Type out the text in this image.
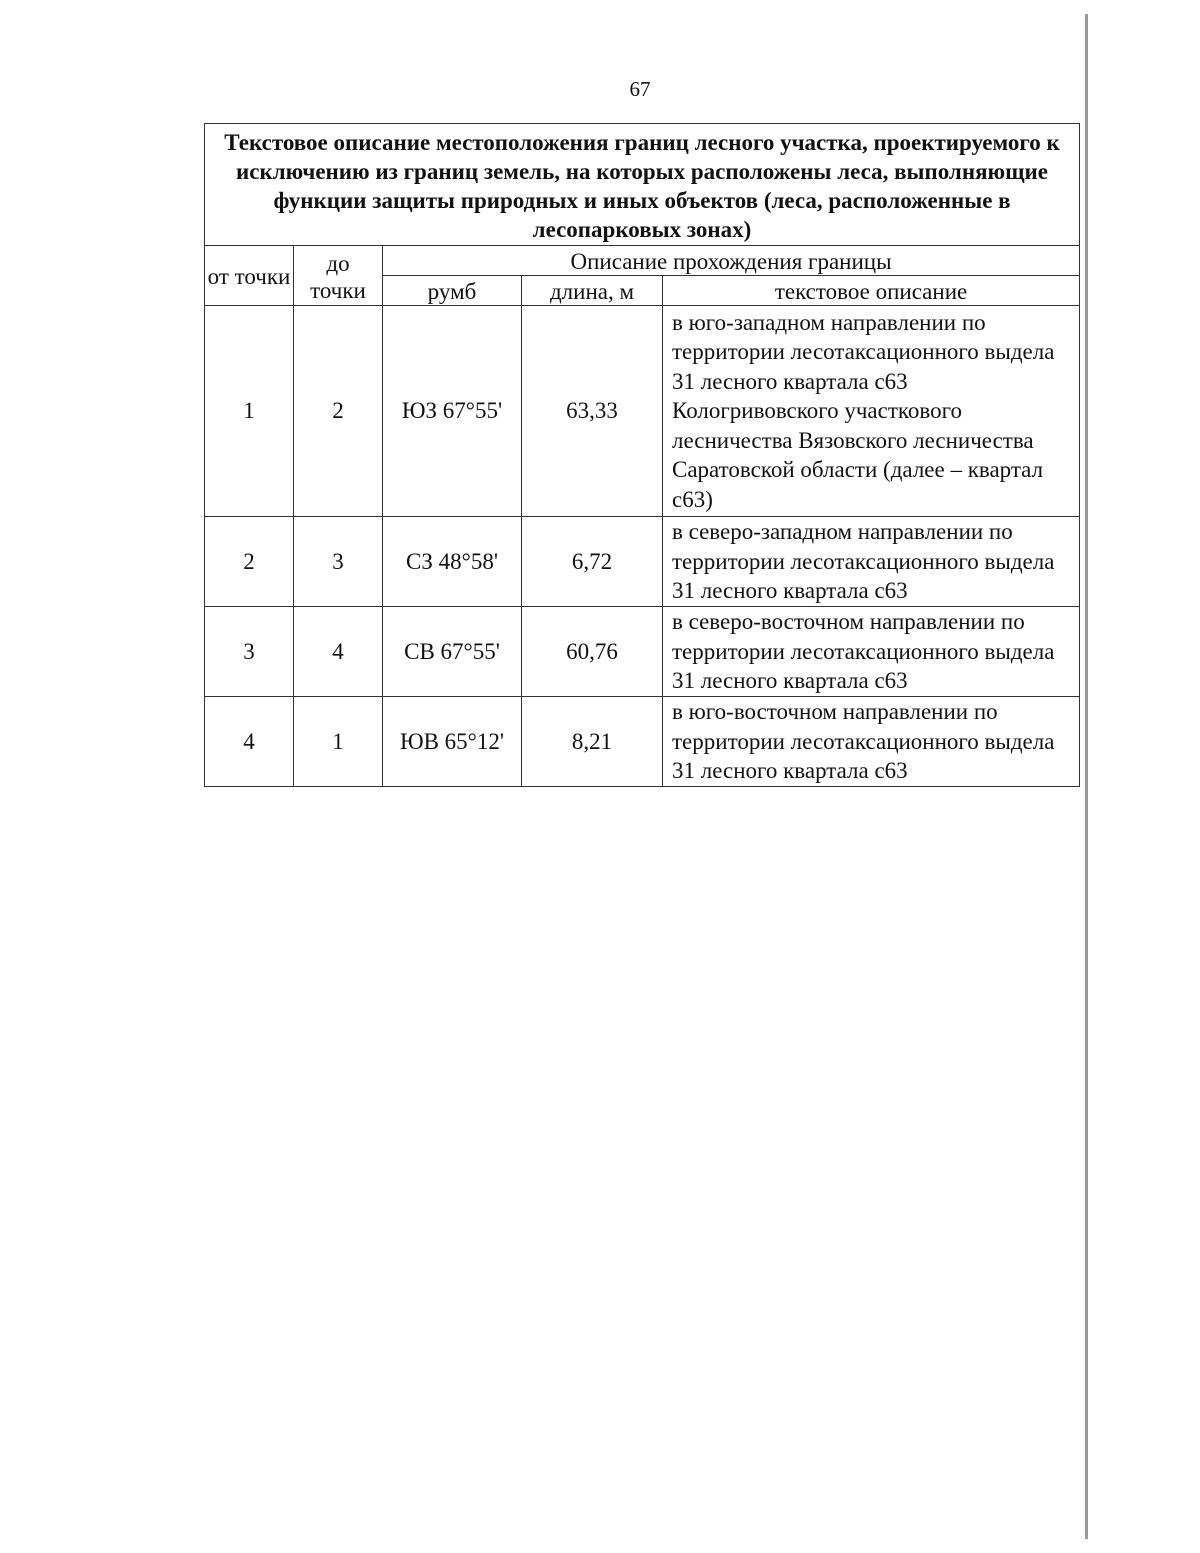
67
Текстовое описание местоположения границ лесного участка, проектируемого к исключению из границ земель, на которых расположены леса, выполняющие функции защиты природных и иных объектов (леса, расположенные в лесопарковых зонах)				
от точки	до точки	Описание прохождения границы		
		румб	длина, м	текстовое описание
1	2	ЮЗ 67°55'	63,33	в юго-западном направлении по территории лесотаксационного выдела 31 лесного квартала с63 Кологривовского участкового лесничества Вязовского лесничества Саратовской области (далее – квартал с63)
2	3	СЗ 48°58'	6,72	в северо-западном направлении по территории лесотаксационного выдела 31 лесного квартала с63
3	4	СВ 67°55'	60,76	в северо-восточном направлении по территории лесотаксационного выдела 31 лесного квартала с63
4	1	ЮВ 65°12'	8,21	в юго-восточном направлении по территории лесотаксационного выдела 31 лесного квартала с63
